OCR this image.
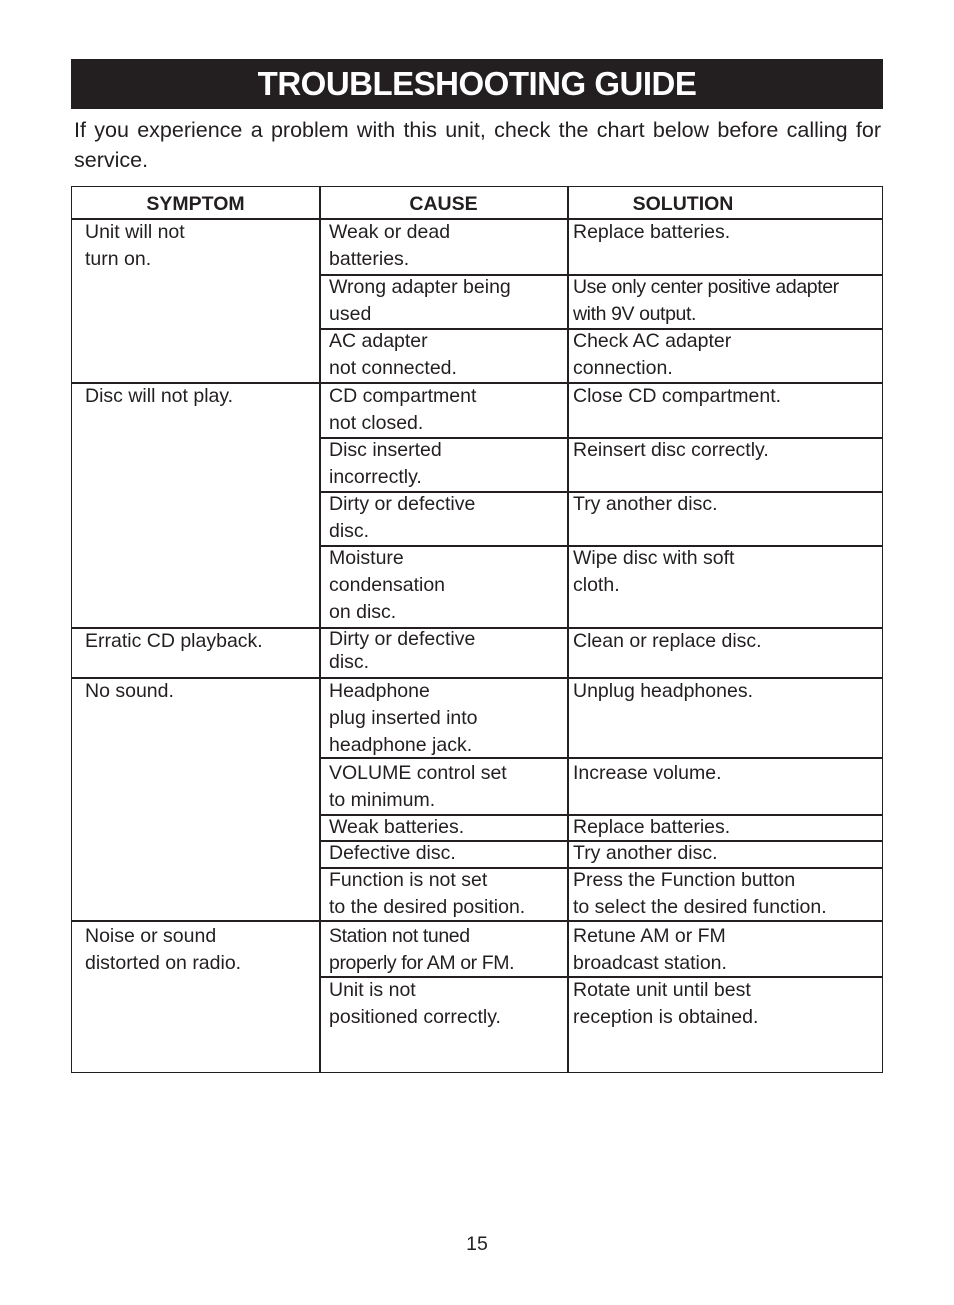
TROUBLESHOOTING GUIDE
If you experience a problem with this unit, check the chart below before calling for service.
SYMPTOM	CAUSE	SOLUTION
Unit will not
turn on.
Disc will not play.
Erratic CD playback.
No sound.
Noise or sound
distorted on radio.
Weak or dead
batteries.
Wrong adapter being
used
AC adapter
not connected.
CD compartment
not closed.
Disc inserted
incorrectly.
Dirty or defective
disc.
Moisture
condensation
on disc.
Dirty or defective
disc.
Headphone
plug inserted into
headphone jack.
VOLUME control set
to minimum.
Weak batteries.
Defective disc.
Function is not set
to the desired position.
Station not tuned
properly for AM or FM.
Unit is not
positioned correctly.
Replace batteries.
Use only center positive adapter
with 9V output.
Check AC adapter
connection.
Close CD compartment.
Reinsert disc correctly.
Try another disc.
Wipe disc with soft
cloth.
Clean or replace disc.
Unplug headphones.
Increase volume.
Replace batteries.
Try another disc.
Press the Function button
to select the desired function.
Retune AM or FM
broadcast station.
Rotate unit until best
reception is obtained.
15
